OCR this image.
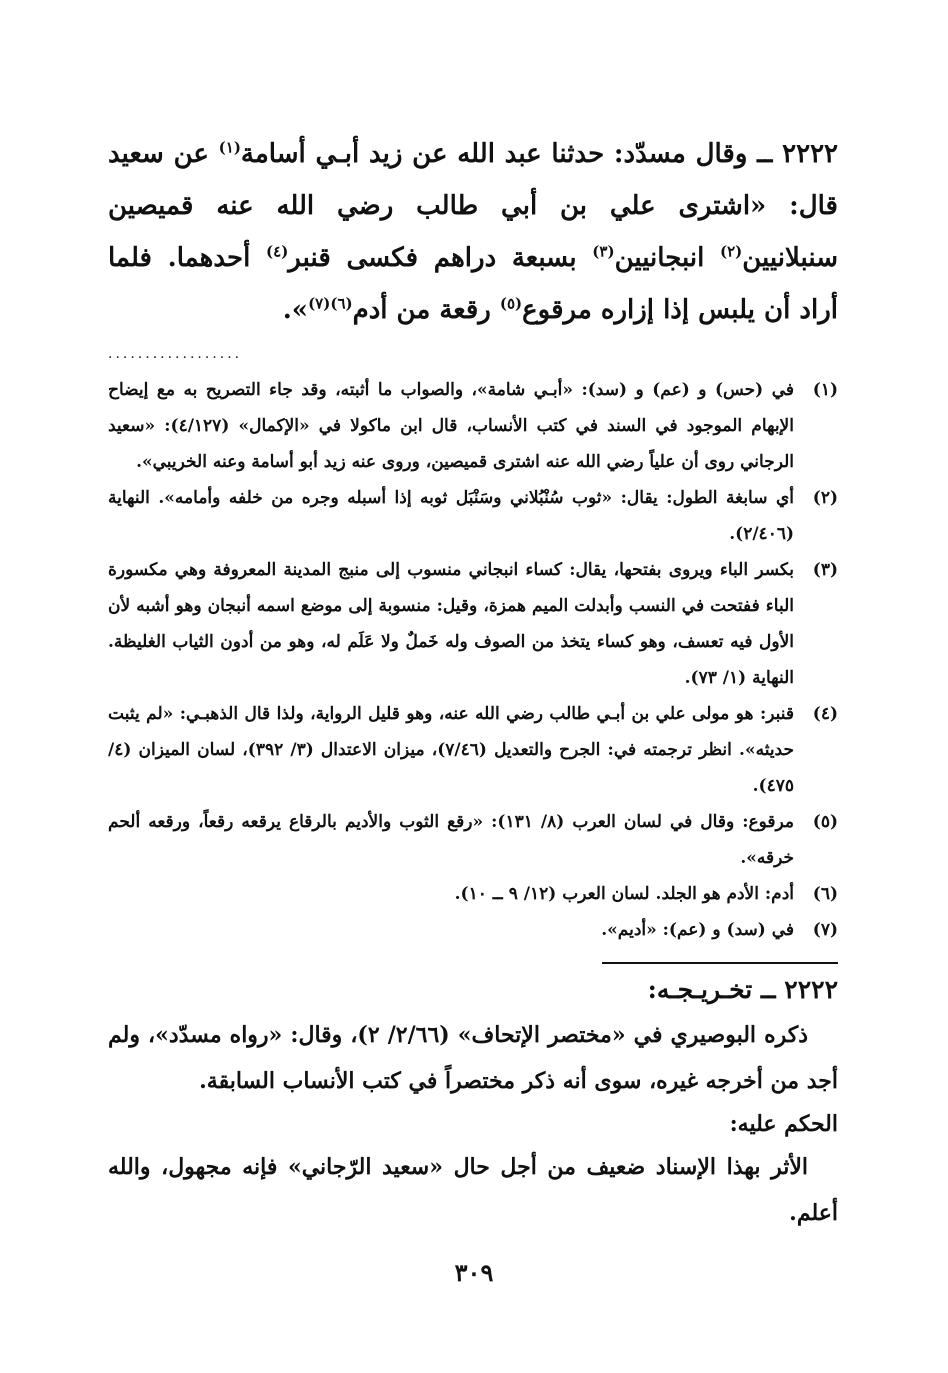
٢٢٢٢ ــ وقال مسدّد: حدثنا عبد الله عن زيد أبـي أسامة$^{(١)}$ عن سعيد قال: «اشترى علي بن أبي طالب رضي الله عنه قميصين سنبلانيين$^{(٢)}$ انبجانيين$^{(٣)}$ بسبعة دراهم فكسى قنبر$^{(٤)}$ أحدهما. فلما أراد أن يلبس إذا إزاره مرقوع$^{(٥)}$ رقعة من أدم$^{(٦)(٧)}$».

..................
(١)
في (حس) و (عم) و (سد): «أبـي شامة»، والصواب ما أثبته، وقد جاء التصريح به مع إيضاح الإبهام الموجود في السند في كتب الأنساب، قال ابن ماكولا في «الإكمال» (٤/١٢٧): «سعيد الرجاني روى أن علياً رضي الله عنه اشترى قميصين، وروى عنه زيد أبو أسامة وعنه الخريبي».
(٢)
أي سابغة الطول: يقال: «ثوب سُنْبُلاني وسَنْبَل ثوبه إذا أسبله وجره من خلفه وأمامه». النهاية (٢/٤٠٦).
(٣)
بكسر الباء ويروى بفتحها، يقال: كساء انبجاني منسوب إلى منبج المدينة المعروفة وهي مكسورة الباء ففتحت في النسب وأبدلت الميم همزة، وقيل: منسوبة إلى موضع اسمه أنبجان وهو أشبه لأن الأول فيه تعسف، وهو كساء يتخذ من الصوف وله خَملٌ ولا عَلَم له، وهو من أدون الثياب الغليظة. النهاية (١/ ٧٣).
(٤)
قنبر: هو مولى علي بن أبـي طالب رضي الله عنه، وهو قليل الرواية، ولذا قال الذهبـي: «لم يثبت حديثه». انظر ترجمته في: الجرح والتعديل (٧/٤٦)، ميزان الاعتدال (٣/ ٣٩٢)، لسان الميزان (٤/ ٤٧٥).
(٥)
مرقوع: وقال في لسان العرب (٨/ ١٣١): «رقع الثوب والأديم بالرقاع يرقعه رقعاً، ورقعه ألحم خرقه».
(٦)
أدم: الأدم هو الجلد. لسان العرب (١٢/ ٩ ــ ١٠).
(٧)
في (سد) و (عم): «أديم».
٢٢٢٢ ــ تخـريـجـه:

ذكره البوصيري في «مختصر الإتحاف» (٢/٦٦/ ٢)، وقال: «رواه مسدّد»، ولم أجد من أخرجه غيره، سوى أنه ذكر مختصراً في كتب الأنساب السابقة.

الحكم عليه:

الأثر بهذا الإسناد ضعيف من أجل حال «سعيد الرّجاني» فإنه مجهول، والله أعلم.

٣٠٩
